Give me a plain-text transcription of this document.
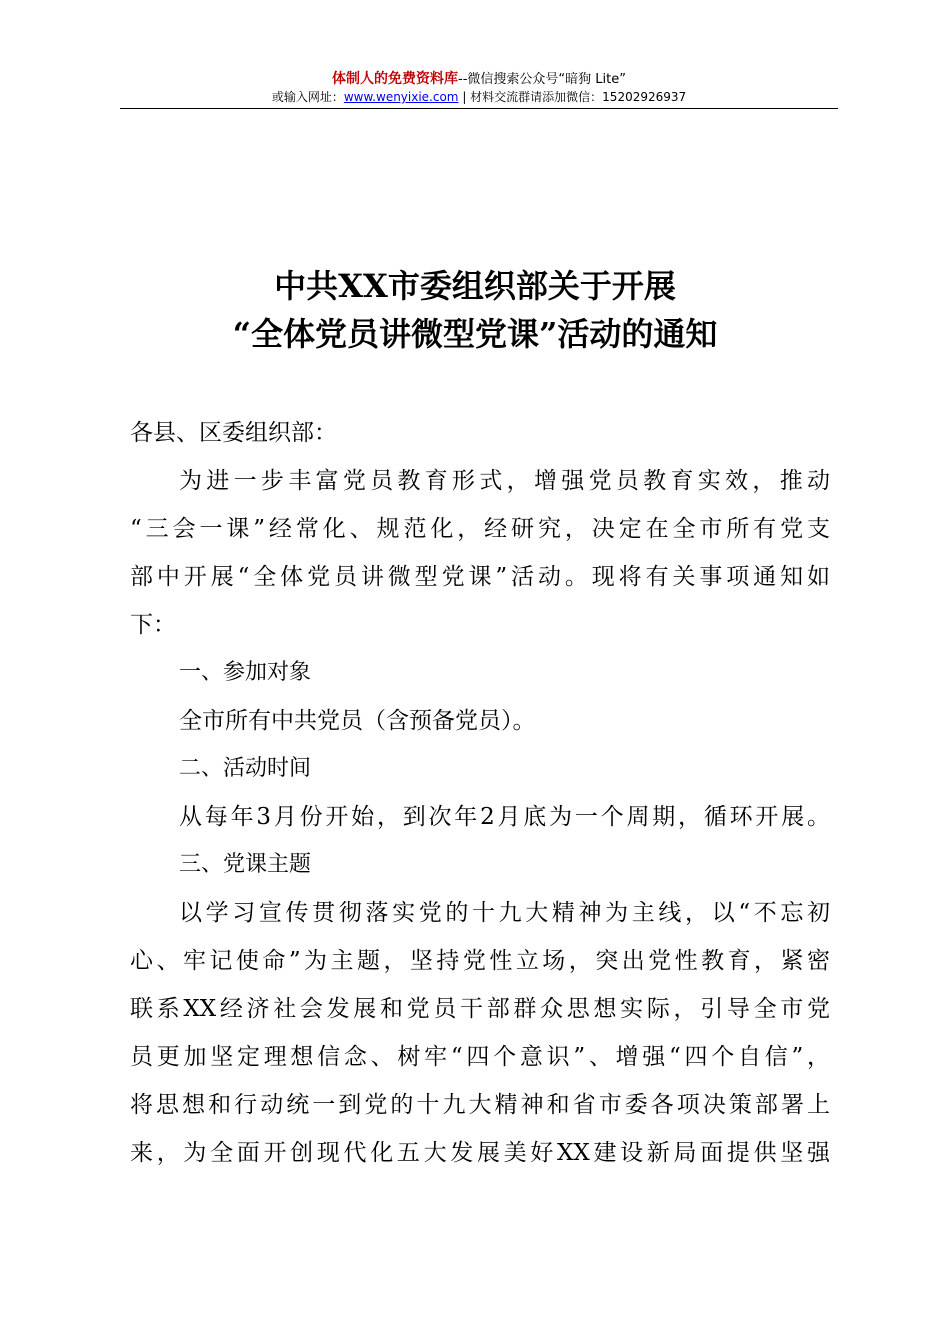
体制人的免费资料库--微信搜索公众号“暗狗 Lite”
或输入网址：www.wenyixie.com | 材料交流群请添加微信：15202926937
中共XX市委组织部关于开展
“全体党员讲微型党课”活动的通知
各县、区委组织部：
为进一步丰富党员教育形式，增强党员教育实效，推动
“三会一课”经常化、规范化，经研究，决定在全市所有党支
部中开展“全体党员讲微型党课”活动。现将有关事项通知如
下：
一、参加对象
全市所有中共党员（含预备党员）。
二、活动时间
从每年3月份开始，到次年2月底为一个周期，循环开展。
三、党课主题
以学习宣传贯彻落实党的十九大精神为主线，以“不忘初
心、牢记使命”为主题，坚持党性立场，突出党性教育，紧密
联系XX经济社会发展和党员干部群众思想实际，引导全市党
员更加坚定理想信念、树牢“四个意识”、增强“四个自信”，
将思想和行动统一到党的十九大精神和省市委各项决策部署上
来，为全面开创现代化五大发展美好XX建设新局面提供坚强
